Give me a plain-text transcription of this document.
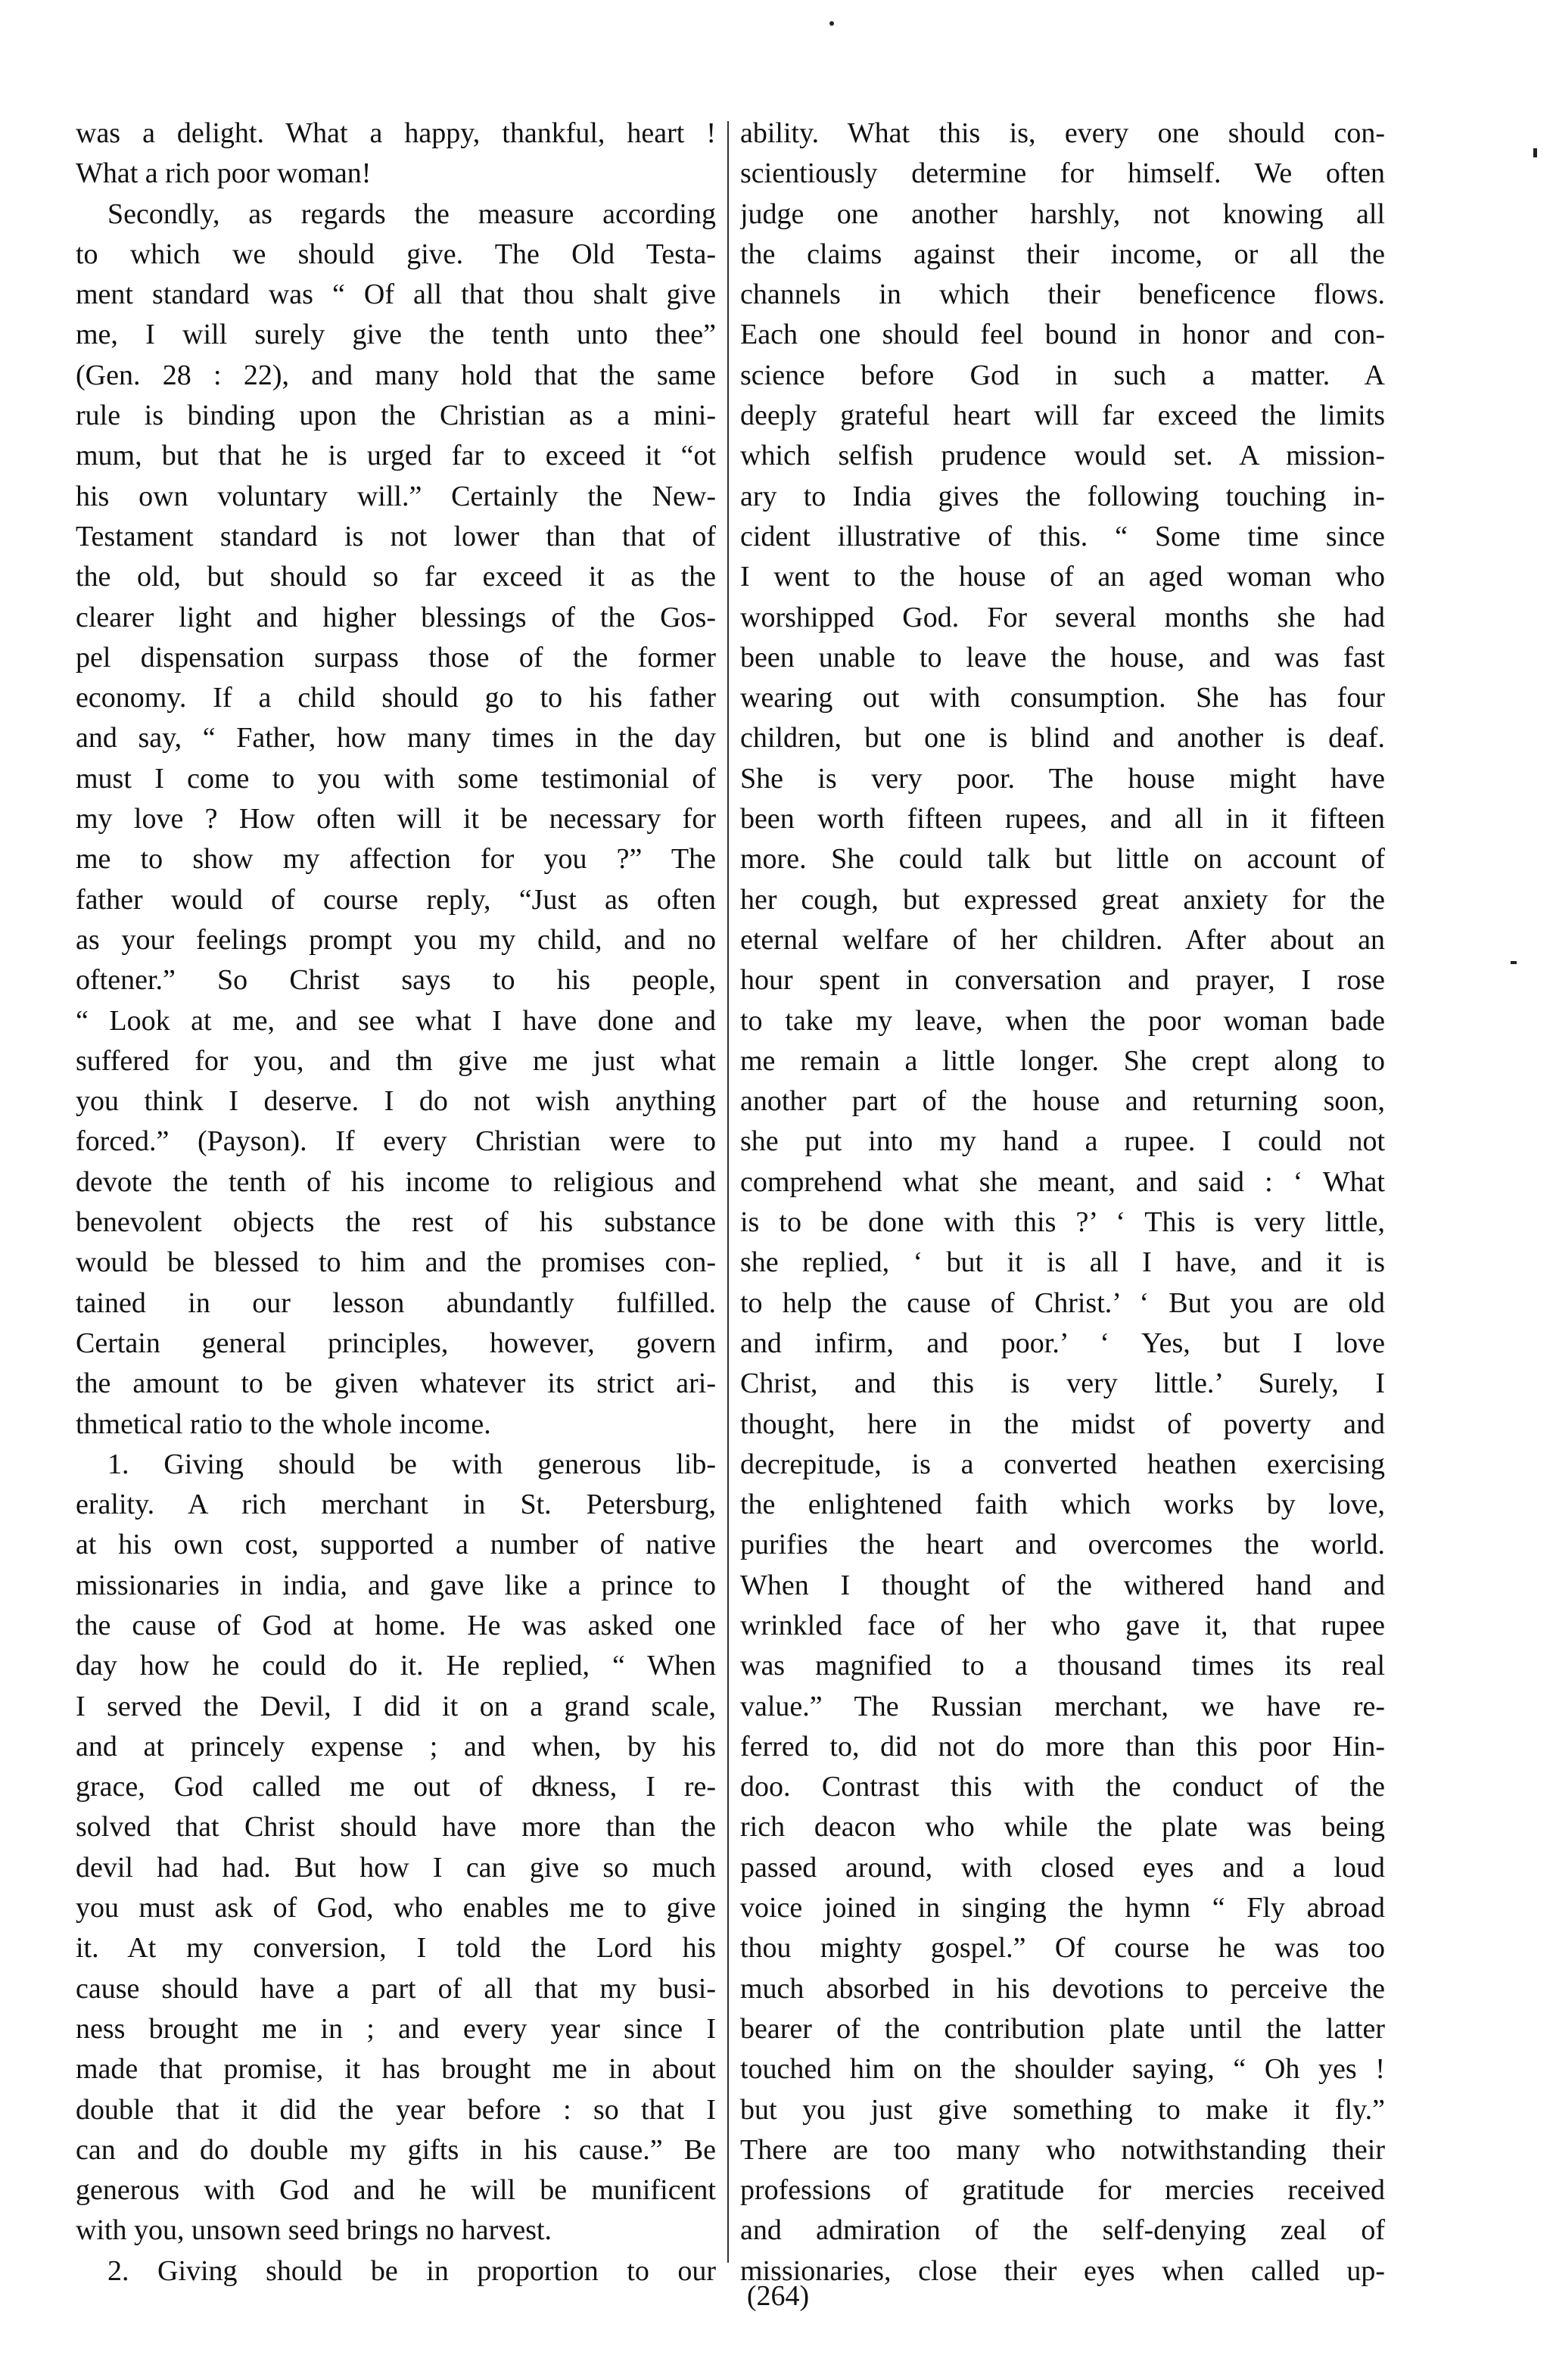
was a delight. What a happy, thankful, heart !
What a rich poor woman!
Secondly, as regards the measure according
to which we should give. The Old Testa-
ment standard was “ Of all that thou shalt give
me, I will surely give the tenth unto thee”
(Gen. 28 : 22), and many hold that the same
rule is binding upon the Christian as a mini-
mum, but that he is urged far to exceed it “ot
his own voluntary will.” Certainly the New-
Testament standard is not lower than that of
the old, but should so far exceed it as the
clearer light and higher blessings of the Gos-
pel dispensation surpass those of the former
economy. If a child should go to his father
and say, “ Father, how many times in the day
must I come to you with some testimonial of
my love ? How often will it be necessary for
me to show my affection for you ?” The
father would of course reply, “Just as often
as your feelings prompt you my child, and no
oftener.” So Christ says to his people,
“ Look at me, and see what I have done and
suffered for you, and th̵n give me just what
you think I deserve. I do not wish anything
forced.” (Payson). If every Christian were to
devote the tenth of his income to religious and
benevolent objects the rest of his substance
would be blessed to him and the promises con-
tained in our lesson abundantly fulfilled.
Certain general principles, however, govern
the amount to be given whatever its strict ari-
thmetical ratio to the whole income.
1. Giving should be with generous lib-
erality. A rich merchant in St. Petersburg,
at his own cost, supported a number of native
missionaries in india, and gave like a prince to
the cause of God at home. He was asked one
day how he could do it. He replied, “ When
I served the Devil, I did it on a grand scale,
and at princely expense ; and when, by his
grace, God called me out of d̵̵kness, I re-
solved that Christ should have more than the
devil had had. But how I can give so much
you must ask of God, who enables me to give
it. At my conversion, I told the Lord his
cause should have a part of all that my busi-
ness brought me in ; and every year since I
made that promise, it has brought me in about
double that it did the year before : so that I
can and do double my gifts in his cause.” Be
generous with God and he will be munificent
with you, unsown seed brings no harvest.
2. Giving should be in proportion to our
ability. What this is, every one should con-
scientiously determine for himself. We often
judge one another harshly, not knowing all
the claims against their income, or all the
channels in which their beneficence flows.
Each one should feel bound in honor and con-
science before God in such a matter. A
deeply grateful heart will far exceed the limits
which selfish prudence would set. A mission-
ary to India gives the following touching in-
cident illustrative of this. “ Some time since
I went to the house of an aged woman who
worshipped God. For several months she had
been unable to leave the house, and was fast
wearing out with consumption. She has four
children, but one is blind and another is deaf.
She is very poor. The house might have
been worth fifteen rupees, and all in it fifteen
more. She could talk but little on account of
her cough, but expressed great anxiety for the
eternal welfare of her children. After about an
hour spent in conversation and prayer, I rose
to take my leave, when the poor woman bade
me remain a little longer. She crept along to
another part of the house and returning soon,
she put into my hand a rupee. I could not
comprehend what she meant, and said : ‘ What
is to be done with this ?’ ‘ This is very little,
she replied, ‘ but it is all I have, and it is
to help the cause of Christ.’ ‘ But you are old
and infirm, and poor.’ ‘ Yes, but I love
Christ, and this is very little.’ Surely, I
thought, here in the midst of poverty and
decrepitude, is a converted heathen exercising
the enlightened faith which works by love,
purifies the heart and overcomes the world.
When I thought of the withered hand and
wrinkled face of her who gave it, that rupee
was magnified to a thousand times its real
value.” The Russian merchant, we have re-
ferred to, did not do more than this poor Hin-
doo. Contrast this with the conduct of the
rich deacon who while the plate was being
passed around, with closed eyes and a loud
voice joined in singing the hymn “ Fly abroad
thou mighty gospel.” Of course he was too
much absorbed in his devotions to perceive the
bearer of the contribution plate until the latter
touched him on the shoulder saying, “ Oh yes !
but you just give something to make it fly.”
There are too many who notwithstanding their
professions of gratitude for mercies received
and admiration of the self-denying zeal of
missionaries, close their eyes when called up-
(264)
